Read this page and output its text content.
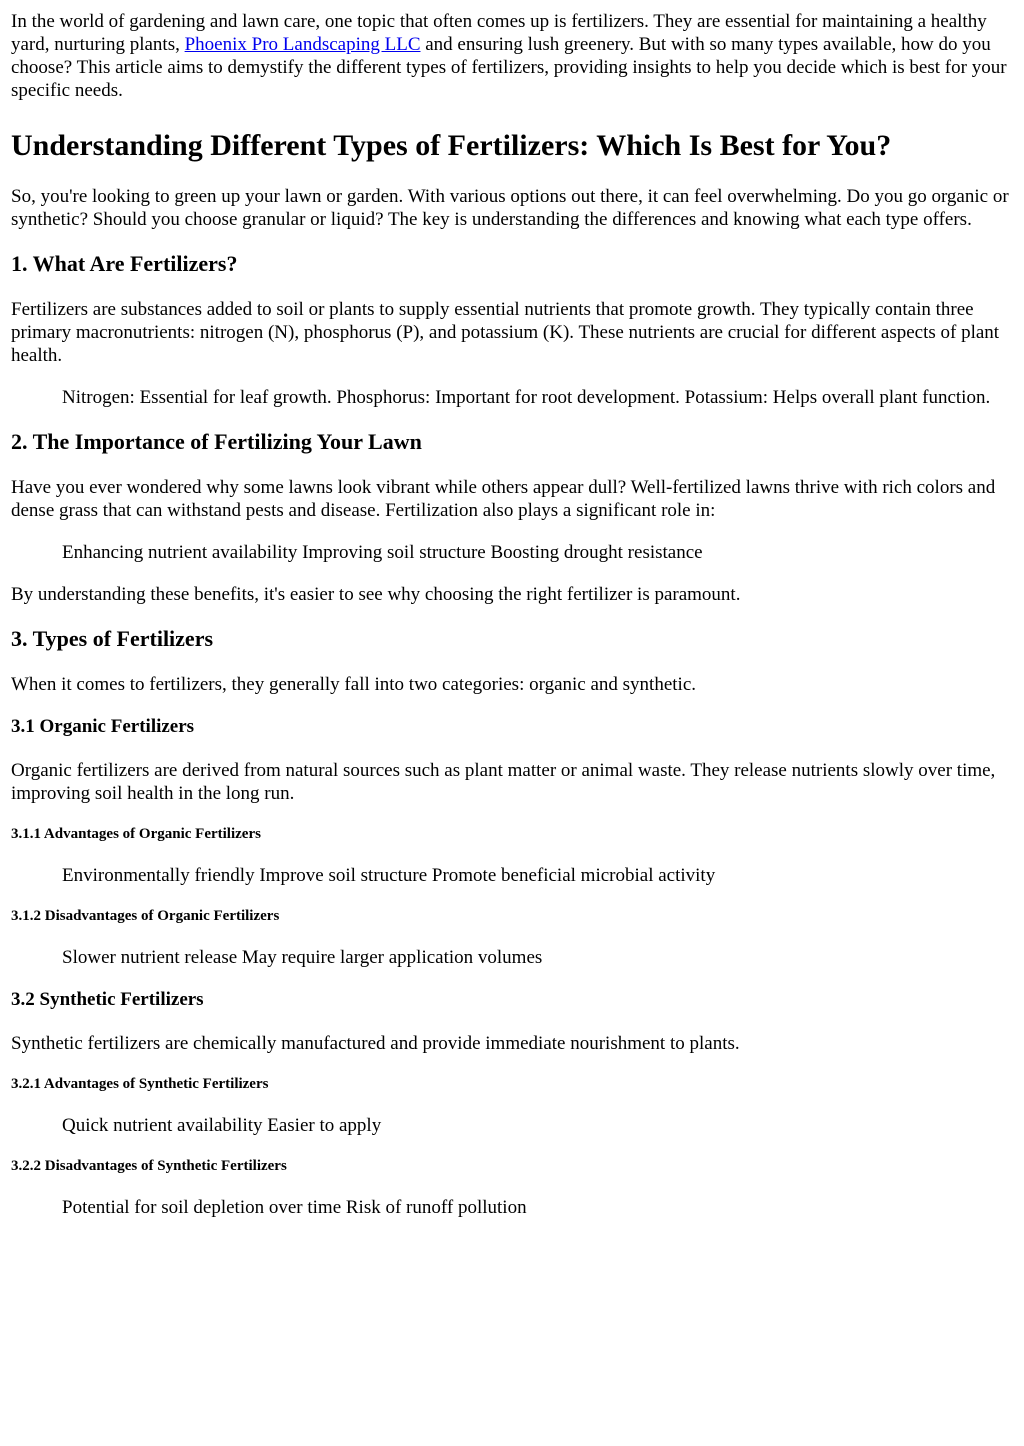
In the world of gardening and lawn care, one topic that often comes up is fertilizers. They are essential for maintaining a healthy yard, nurturing plants, Phoenix Pro Landscaping LLC and ensuring lush greenery. But with so many types available, how do you choose? This article aims to demystify the different types of fertilizers, providing insights to help you decide which is best for your specific needs.

Understanding Different Types of Fertilizers: Which Is Best for You?

So, you're looking to green up your lawn or garden. With various options out there, it can feel overwhelming. Do you go organic or synthetic? Should you choose granular or liquid? The key is understanding the differences and knowing what each type offers.

1. What Are Fertilizers?

Fertilizers are substances added to soil or plants to supply essential nutrients that promote growth. They typically contain three primary macronutrients: nitrogen (N), phosphorus (P), and potassium (K). These nutrients are crucial for different aspects of plant health.

Nitrogen: Essential for leaf growth. Phosphorus: Important for root development. Potassium: Helps overall plant function.
2. The Importance of Fertilizing Your Lawn

Have you ever wondered why some lawns look vibrant while others appear dull? Well-fertilized lawns thrive with rich colors and dense grass that can withstand pests and disease. Fertilization also plays a significant role in:

Enhancing nutrient availability Improving soil structure Boosting drought resistance

By understanding these benefits, it's easier to see why choosing the right fertilizer is paramount.

3. Types of Fertilizers

When it comes to fertilizers, they generally fall into two categories: organic and synthetic.

3.1 Organic Fertilizers

Organic fertilizers are derived from natural sources such as plant matter or animal waste. They release nutrients slowly over time, improving soil health in the long run.

3.1.1 Advantages of Organic Fertilizers
Environmentally friendly Improve soil structure Promote beneficial microbial activity
3.1.2 Disadvantages of Organic Fertilizers
Slower nutrient release May require larger application volumes
3.2 Synthetic Fertilizers

Synthetic fertilizers are chemically manufactured and provide immediate nourishment to plants.

3.2.1 Advantages of Synthetic Fertilizers
Quick nutrient availability Easier to apply
3.2.2 Disadvantages of Synthetic Fertilizers
Potential for soil depletion over time Risk of runoff pollution
